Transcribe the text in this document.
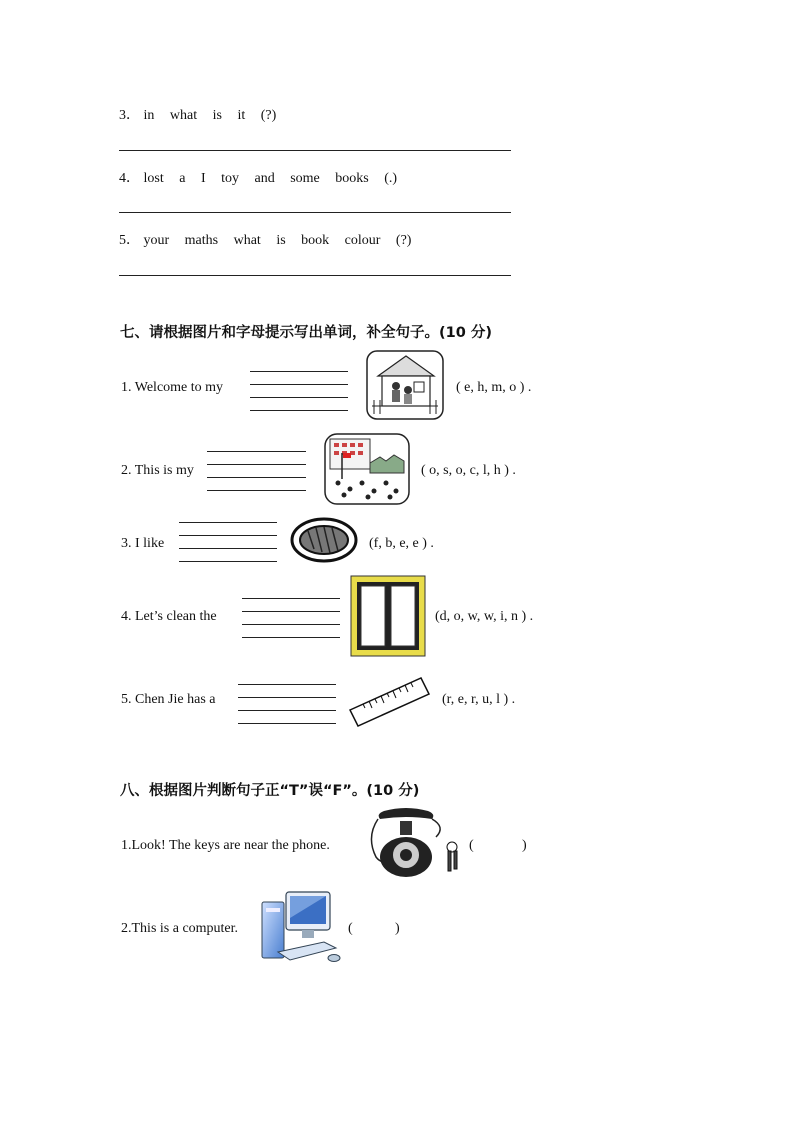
3． in what is it (?)
4． lost a I toy and some books (.)
5． your maths what is book colour (?)
七、请根据图片和字母提示写出单词，补全句子。(10 分)
1. Welcome to my	( e, h, m, o ) .
2. This is my	( o, s, o, c, l, h ) .
3. I like	(f, b, e, e ) .
4. Let’s clean the	(d, o, w, w, i, n ) .
5. Chen Jie has a	(r, e, r, u, l ) .
八、根据图片判断句子正“T”误“F”。(10 分)
1.Look! The keys are near the phone.	(	)
2.This is a computer.	(	)
